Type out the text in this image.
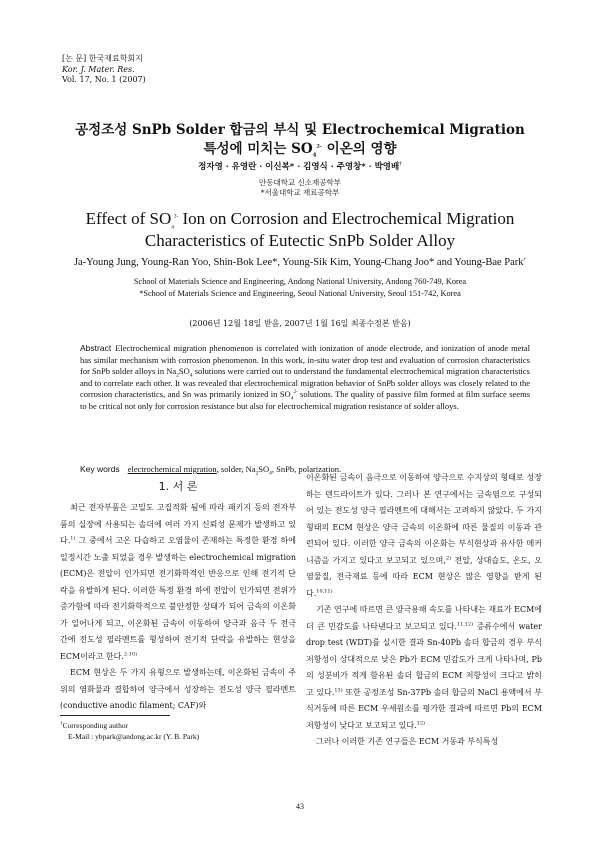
[논 문] 한국재료학회지
Kor. J. Mater. Res.
Vol. 17, No. 1 (2007)
공정조성 SnPb Solder 합금의 부식 및 Electrochemical Migration
특성에 미치는 $SO_4^{2-}$ 이온의 영향
정자영 · 유영란 · 이신복* · 김영식 · 주영창* · 박영배†
안동대학교 신소재공학부
*서울대학교 재료공학부
Effect of $SO_4^{2-}$ Ion on Corrosion and Electrochemical Migration
Characteristics of Eutectic SnPb Solder Alloy
Ja-Young Jung, Young-Ran Yoo, Shin-Bok Lee*, Young-Sik Kim, Young-Chang Joo* and Young-Bae Park†
School of Materials Science and Engineering, Andong National University, Andong 760-749, Korea
*School of Materials Science and Engineering, Seoul National University, Seoul 151-742, Korea
(2006년 12월 18일 받음, 2007년 1월 16일 최종수정본 받음)
Abstract Electrochemical migration phenomenon is correlated with ionization of anode electrode, and ionization of anode metal has similar mechanism with corrosion phenomenon. In this work, in-situ water drop test and evaluation of corrosion characteristics for SnPb solder alloys in $Na_2SO_4$ solutions were carried out to understand the fundamental electrochemical migration characteristics and to correlate each other. It was revealed that electrochemical migration behavior of SnPb solder alloys was closely related to the corrosion characteristics, and Sn was primarily ionized in $SO_4^{2-}$ solutions. The quality of passive film formed at film surface seems to be critical not only for corrosion resistance but also for electrochemical migration resistance of solder alloys.
Key words electrochemical migration, solder, $Na_2SO_4$, SnPb, polarization.
1. 서 론

최근 전자부품은 고밀도 고집적화 됨에 따라 패키지 등의 전자부품의 실장에 사용되는 솔더에 여러 가지 신뢰성 문제가 발생하고 있다.$^{1)}$ 그 중에서 고온 다습하고 오염물이 존재하는 특정한 환경 하에 일정시간 노출 되었을 경우 발생하는 electrochemical migration (ECM)은 전압이 인가되면 전기화학적인 반응으로 인해 전기적 단락을 유발하게 된다. 이러한 특정 환경 하에 전압이 인가되면 전위가 증가함에 따라 전기화학적으로 불안정한 상태가 되어 금속의 이온화가 일어나게 되고, 이온화된 금속이 이동하여 양극과 음극 두 전극 간에 전도성 필라멘트를 형성하여 전기적 단락을 유발하는 현상을 ECM이라고 한다.$^{2-10)}$

ECM 현상은 두 가지 유형으로 발생하는데, 이온화된 금속이 주위의 염화물과 결합하여 양극에서 성장하는 전도성 양극 필라멘트(conductive anodic filament; CAF)와

이온화된 금속이 음극으로 이동하여 양극으로 수지상의 형태로 성장하는 덴드라이트가 있다. 그러나 본 연구에서는 금속염으로 구성되어 있는 전도성 양극 필라멘트에 대해서는 고려하지 않았다. 두 가지 형태의 ECM 현상은 양극 금속의 이온화에 따른 물질의 이동과 관련되어 있다. 이러한 양극 금속의 이온화는 부식현상과 유사한 메커니즘을 가지고 있다고 보고되고 있으며,$^{2)}$ 전압, 상대습도, 온도, 오염물질, 전극재료 등에 따라 ECM 현상은 많은 영향을 받게 된다.$^{10,11)}$

기존 연구에 따르면 큰 양극용해 속도를 나타내는 재료가 ECM에 더 큰 민감도를 나타낸다고 보고되고 있다.$^{11,12)}$ 증류수에서 water drop test (WDT)를 실시한 결과 Sn-40Pb 솔더 합금의 경우 부식 저항성이 상대적으로 낮은 Pb가 ECM 민감도가 크게 나타나며, Pb의 성분비가 적게 함유된 솔더 합금의 ECM 저항성이 크다고 밝히고 있다.$^{13)}$ 또한 공정조성 Sn-37Pb 솔더 합금의 NaCl 용액에서 부식거동에 따른 ECM 우세원소를 평가한 결과에 따르면 Pb의 ECM 저항성이 낮다고 보고되고 있다.$^{12)}$

그러나 이러한 기존 연구들은 ECM 거동과 부식특성

†Corresponding author
E-Mail : ybpark@andong.ac.kr (Y. B. Park)
43
